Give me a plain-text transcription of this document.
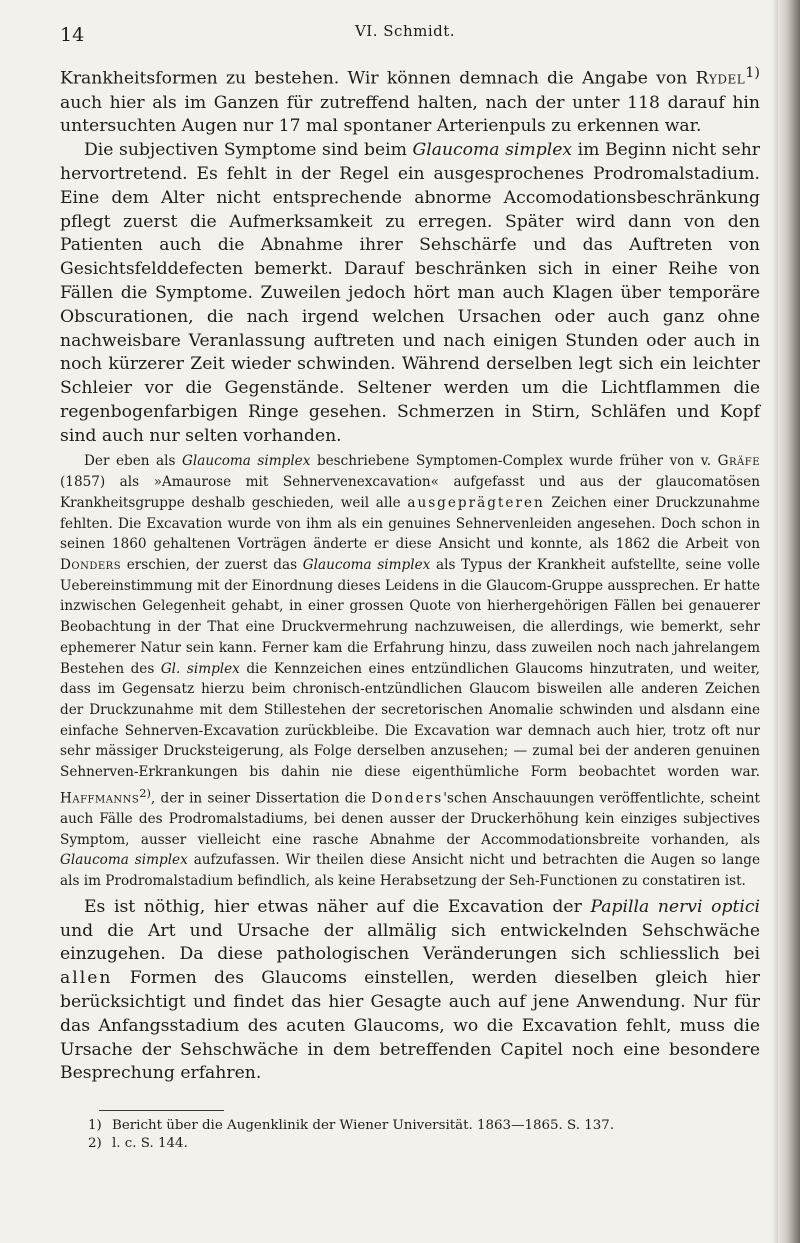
14	VI. Schmidt.

Krankheitsformen zu bestehen. Wir können demnach die Angabe von Rydel$^{1)}$ auch hier als im Ganzen für zutreffend halten, nach der unter 118 darauf hin untersuchten Augen nur 17 mal spontaner Arterienpuls zu erkennen war.

Die subjectiven Symptome sind beim Glaucoma simplex im Beginn nicht sehr hervortretend. Es fehlt in der Regel ein ausgesprochenes Prodromalstadium. Eine dem Alter nicht entsprechende abnorme Accomodationsbeschränkung pflegt zuerst die Aufmerksamkeit zu erregen. Später wird dann von den Patienten auch die Abnahme ihrer Sehschärfe und das Auftreten von Gesichtsfelddefecten bemerkt. Darauf beschränken sich in einer Reihe von Fällen die Symptome. Zuweilen jedoch hört man auch Klagen über temporäre Obscurationen, die nach irgend welchen Ursachen oder auch ganz ohne nachweisbare Veranlassung auftreten und nach einigen Stunden oder auch in noch kürzerer Zeit wieder schwinden. Während derselben legt sich ein leichter Schleier vor die Gegenstände. Seltener werden um die Lichtflammen die regenbogenfarbigen Ringe gesehen. Schmerzen in Stirn, Schläfen und Kopf sind auch nur selten vorhanden.

Der eben als Glaucoma simplex beschriebene Symptomen-Complex wurde früher von v. Gräfe (1857) als »Amaurose mit Sehnervenexcavation« aufgefasst und aus der glaucomatösen Krankheitsgruppe deshalb geschieden, weil alle ausgeprägteren Zeichen einer Druckzunahme fehlten. Die Excavation wurde von ihm als ein genuines Sehnervenleiden angesehen. Doch schon in seinen 1860 gehaltenen Vorträgen änderte er diese Ansicht und konnte, als 1862 die Arbeit von Donders erschien, der zuerst das Glaucoma simplex als Typus der Krankheit aufstellte, seine volle Uebereinstimmung mit der Einordnung dieses Leidens in die Glaucom-Gruppe aussprechen. Er hatte inzwischen Gelegenheit gehabt, in einer grossen Quote von hierhergehörigen Fällen bei genauerer Beobachtung in der That eine Druckvermehrung nachzuweisen, die allerdings, wie bemerkt, sehr ephemerer Natur sein kann. Ferner kam die Erfahrung hinzu, dass zuweilen noch nach jahrelangem Bestehen des Gl. simplex die Kennzeichen eines entzündlichen Glaucoms hinzutraten, und weiter, dass im Gegensatz hierzu beim chronisch-entzündlichen Glaucom bisweilen alle anderen Zeichen der Druckzunahme mit dem Stillestehen der secretorischen Anomalie schwinden und alsdann eine einfache Sehnerven-Excavation zurückbleibe. Die Excavation war demnach auch hier, trotz oft nur sehr mässiger Drucksteigerung, als Folge derselben anzusehen; — zumal bei der anderen genuinen Sehnerven-Erkrankungen bis dahin nie diese eigenthümliche Form beobachtet worden war. Haffmanns$^{2)}$, der in seiner Dissertation die Donders'schen Anschauungen veröffentlichte, scheint auch Fälle des Prodromalstadiums, bei denen ausser der Druckerhöhung kein einziges subjectives Symptom, ausser vielleicht eine rasche Abnahme der Accommodationsbreite vorhanden, als Glaucoma simplex aufzufassen. Wir theilen diese Ansicht nicht und betrachten die Augen so lange als im Prodromalstadium befindlich, als keine Herabsetzung der Seh-Functionen zu constatiren ist.

Es ist nöthig, hier etwas näher auf die Excavation der Papilla nervi optici und die Art und Ursache der allmälig sich entwickelnden Sehschwäche einzugehen. Da diese pathologischen Veränderungen sich schliesslich bei allen Formen des Glaucoms einstellen, werden dieselben gleich hier berücksichtigt und findet das hier Gesagte auch auf jene Anwendung. Nur für das Anfangsstadium des acuten Glaucoms, wo die Excavation fehlt, muss die Ursache der Sehschwäche in dem betreffenden Capitel noch eine besondere Besprechung erfahren.

1) Bericht über die Augenklinik der Wiener Universität. 1863—1865. S. 137.
2) l. c. S. 144.
